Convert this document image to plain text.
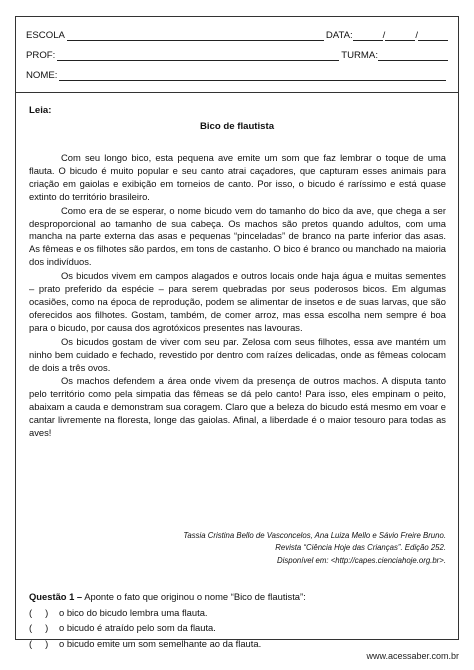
ESCOLA	DATA:	/	/
PROF:	TURMA:
NOME:
Leia:
Bico de flautista

Com seu longo bico, esta pequena ave emite um som que faz lembrar o toque de uma flauta. O bicudo é muito popular e seu canto atrai caçadores, que capturam esses animais para criação em gaiolas e exibição em torneios de canto. Por isso, o bicudo é raríssimo e está quase extinto do território brasileiro.

Como era de se esperar, o nome bicudo vem do tamanho do bico da ave, que chega a ser desproporcional ao tamanho de sua cabeça. Os machos são pretos quando adultos, com uma mancha na parte externa das asas e pequenas “pinceladas” de branco na parte inferior das asas. As fêmeas e os filhotes são pardos, em tons de castanho. O bico é branco ou manchado na maioria dos indivíduos.

Os bicudos vivem em campos alagados e outros locais onde haja água e muitas sementes – prato preferido da espécie – para serem quebradas por seus poderosos bicos. Em algumas ocasiões, como na época de reprodução, podem se alimentar de insetos e de suas larvas, que são oferecidos aos filhotes. Gostam, também, de comer arroz, mas essa escolha nem sempre é boa para o bicudo, por causa dos agrotóxicos presentes nas lavouras.

Os bicudos gostam de viver com seu par. Zelosa com seus filhotes, essa ave mantém um ninho bem cuidado e fechado, revestido por dentro com raízes delicadas, onde as fêmeas colocam de dois a três ovos.

Os machos defendem a área onde vivem da presença de outros machos. A disputa tanto pelo território como pela simpatia das fêmeas se dá pelo canto! Para isso, eles empinam o peito, abaixam a cauda e demonstram sua coragem. Claro que a beleza do bicudo está mesmo em voar e cantar livremente na floresta, longe das gaiolas. Afinal, a liberdade é o maior tesouro para todas as aves!

Tassia Cristina Bello de Vasconcelos, Ana Luiza Mello e Sávio Freire Bruno.
Revista “Ciência Hoje das Crianças”. Edição 252.
Disponível em: <http://capes.cienciahoje.org.br>.
Questão 1 – Aponte o fato que originou o nome “Bico de flautista”:
(     )	o bico do bicudo lembra uma flauta.
(     )	o bicudo é atraído pelo som da flauta.
(     )	o bicudo emite um som semelhante ao da flauta.
www.acessaber.com.br
